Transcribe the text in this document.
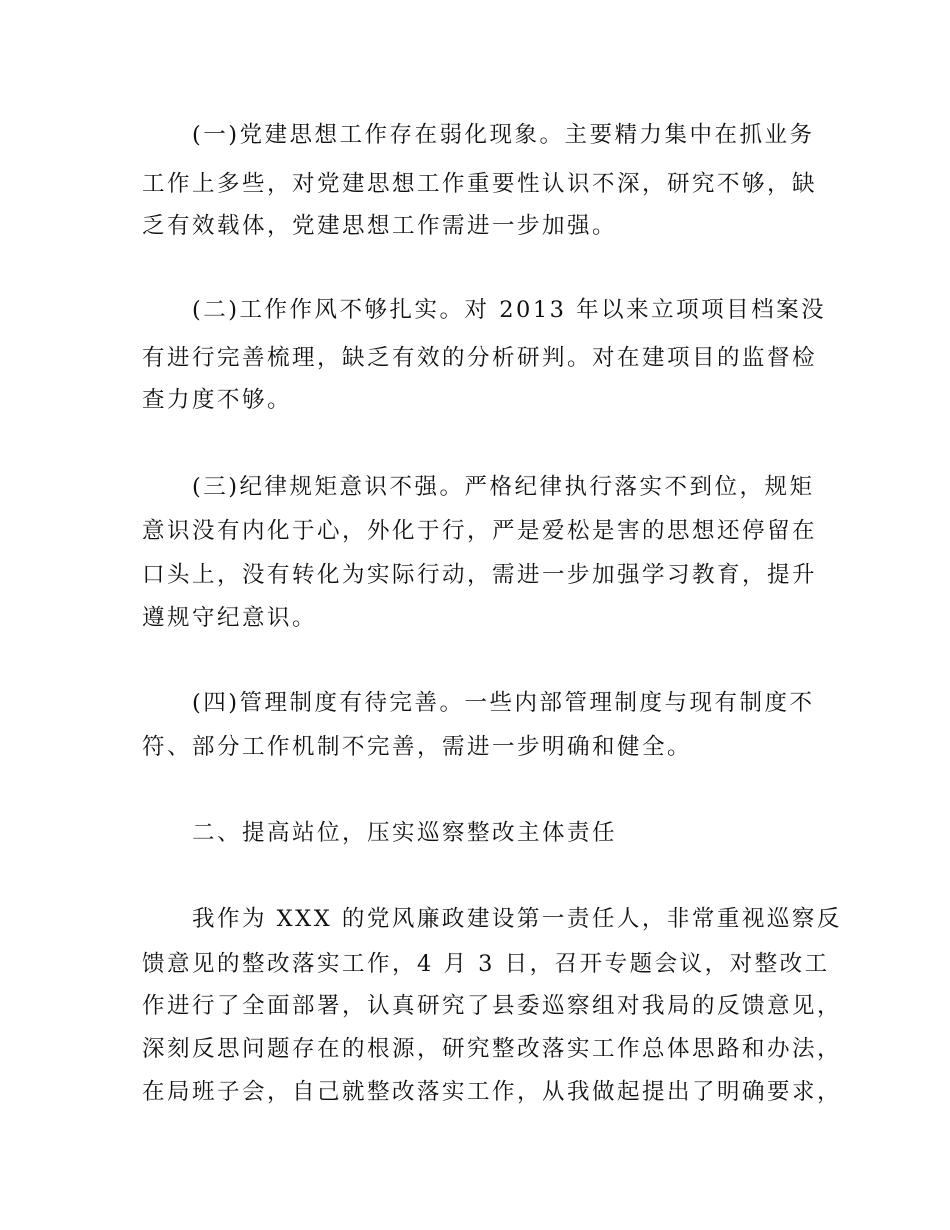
(一)党建思想工作存在弱化现象。主要精力集中在抓业务
工作上多些，对党建思想工作重要性认识不深，研究不够，缺
乏有效载体，党建思想工作需进一步加强。
(二)工作作风不够扎实。对 2013 年以来立项项目档案没
有进行完善梳理，缺乏有效的分析研判。对在建项目的监督检
查力度不够。
(三)纪律规矩意识不强。严格纪律执行落实不到位，规矩
意识没有内化于心，外化于行，严是爱松是害的思想还停留在
口头上，没有转化为实际行动，需进一步加强学习教育，提升
遵规守纪意识。
(四)管理制度有待完善。一些内部管理制度与现有制度不
符、部分工作机制不完善，需进一步明确和健全。
二、提高站位，压实巡察整改主体责任
我作为 XXX 的党风廉政建设第一责任人，非常重视巡察反
馈意见的整改落实工作，4 月 3 日，召开专题会议，对整改工
作进行了全面部署，认真研究了县委巡察组对我局的反馈意见，
深刻反思问题存在的根源，研究整改落实工作总体思路和办法，
在局班子会，自己就整改落实工作，从我做起提出了明确要求，
